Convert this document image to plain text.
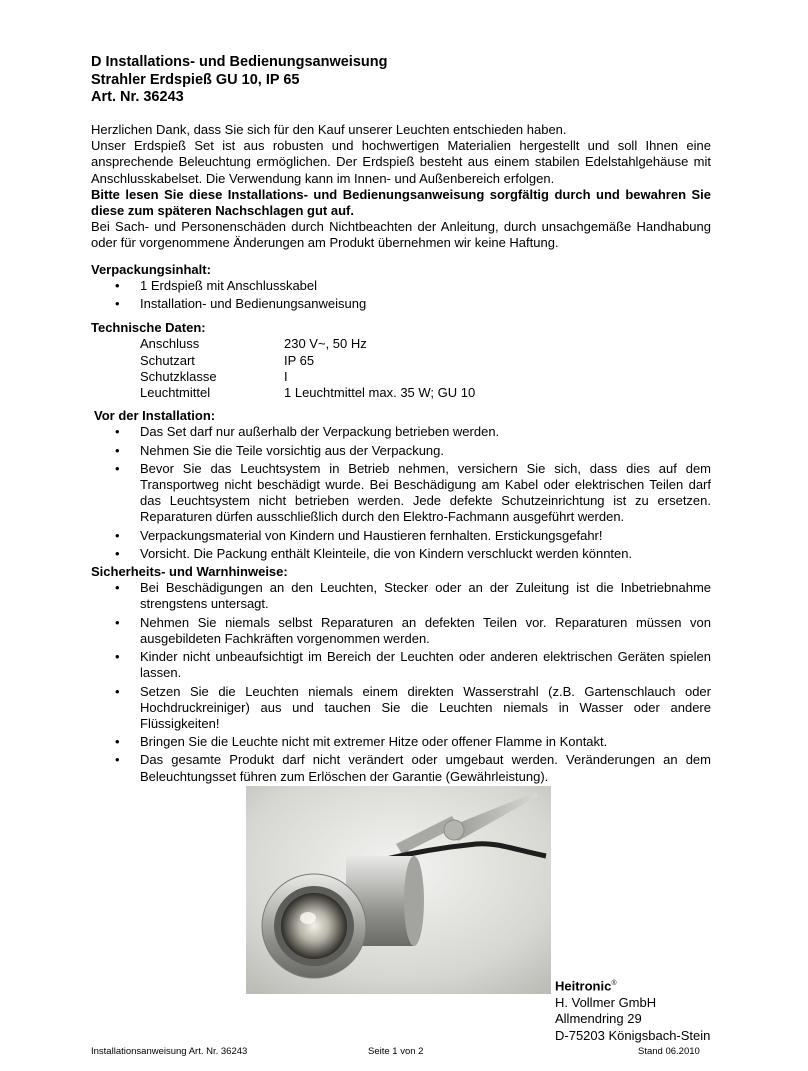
D Installations- und Bedienungsanweisung
Strahler Erdspieß GU 10, IP 65
Art. Nr. 36243

Herzlichen Dank, dass Sie sich für den Kauf unserer Leuchten entschieden haben.

Unser Erdspieß Set ist aus robusten und hochwertigen Materialien hergestellt und soll Ihnen eine ansprechende Beleuchtung ermöglichen. Der Erdspieß besteht aus einem stabilen Edelstahlgehäuse mit Anschlusskabelset. Die Verwendung kann im Innen- und Außenbereich erfolgen.

Bitte lesen Sie diese Installations- und Bedienungsanweisung sorgfältig durch und bewahren Sie diese zum späteren Nachschlagen gut auf.

Bei Sach- und Personenschäden durch Nichtbeachten der Anleitung, durch unsachgemäße Handhabung oder für vorgenommene Änderungen am Produkt übernehmen wir keine Haftung.

Verpackungsinhalt:
• 1 Erdspieß mit Anschlusskabel
• Installation- und Bedienungsanweisung
Technische Daten:
Anschluss	230 V~, 50 Hz
Schutzart	IP 65
Schutzklasse	I
Leuchtmittel	1 Leuchtmittel max. 35 W; GU 10
Vor der Installation:
• Das Set darf nur außerhalb der Verpackung betrieben werden.
• Nehmen Sie die Teile vorsichtig aus der Verpackung.
• Bevor Sie das Leuchtsystem in Betrieb nehmen, versichern Sie sich, dass dies auf dem Transportweg nicht beschädigt wurde. Bei Beschädigung am Kabel oder elektrischen Teilen darf das Leuchtsystem nicht betrieben werden. Jede defekte Schutzeinrichtung ist zu ersetzen. Reparaturen dürfen ausschließlich durch den Elektro-Fachmann ausgeführt werden.
• Verpackungsmaterial von Kindern und Haustieren fernhalten. Erstickungsgefahr!
• Vorsicht. Die Packung enthält Kleinteile, die von Kindern verschluckt werden könnten.
Sicherheits- und Warnhinweise:
• Bei Beschädigungen an den Leuchten, Stecker oder an der Zuleitung ist die Inbetriebnahme strengstens untersagt.
• Nehmen Sie niemals selbst Reparaturen an defekten Teilen vor. Reparaturen müssen von ausgebildeten Fachkräften vorgenommen werden.
• Kinder nicht unbeaufsichtigt im Bereich der Leuchten oder anderen elektrischen Geräten spielen lassen.
• Setzen Sie die Leuchten niemals einem direkten Wasserstrahl (z.B. Gartenschlauch oder Hochdruckreiniger) aus und tauchen Sie die Leuchten niemals in Wasser oder andere Flüssigkeiten!
• Bringen Sie die Leuchte nicht mit extremer Hitze oder offener Flamme in Kontakt.
• Das gesamte Produkt darf nicht verändert oder umgebaut werden. Veränderungen an dem Beleuchtungsset führen zum Erlöschen der Garantie (Gewährleistung).
Heitronic®
H. Vollmer GmbH
Allmendring 29
D-75203 Königsbach-Stein
Installationsanweisung Art. Nr. 36243	Seite 1 von 2	Stand 06.2010
